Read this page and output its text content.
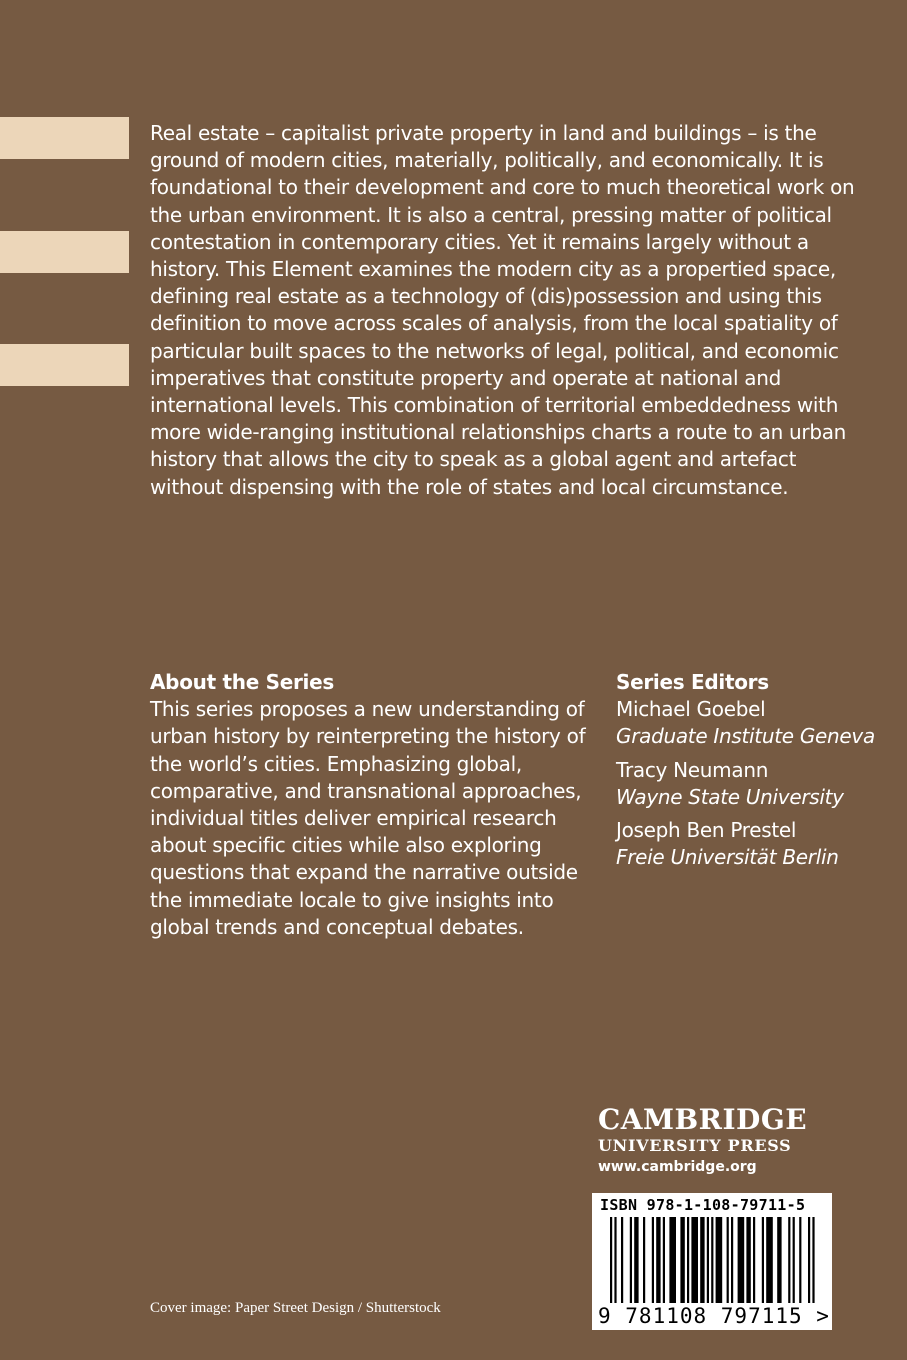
Real estate – capitalist private property in land and buildings – is the ground of modern cities, materially, politically, and economically. It is foundational to their development and core to much theoretical work on the urban environment. It is also a central, pressing matter of political contestation in contemporary cities. Yet it remains largely without a history. This Element examines the modern city as a propertied space, defining real estate as a technology of (dis)possession and using this definition to move across scales of analysis, from the local spatiality of particular built spaces to the networks of legal, political, and economic imperatives that constitute property and operate at national and international levels. This combination of territorial embeddedness with more wide-ranging institutional relationships charts a route to an urban history that allows the city to speak as a global agent and artefact without dispensing with the role of states and local circumstance.

About the Series

This series proposes a new understanding of urban history by reinterpreting the history of the world’s cities. Emphasizing global, comparative, and transnational approaches, individual titles deliver empirical research about specific cities while also exploring questions that expand the narrative outside the immediate locale to give insights into global trends and conceptual debates.

Series Editors
Michael Goebel
Graduate Institute Geneva
Tracy Neumann
Wayne State University
Joseph Ben Prestel
Freie Universität Berlin
CAMBRIDGE
UNIVERSITY PRESS
www.cambridge.org
ISBN 978-1-108-79711-5
9 781108 797115 >
Cover image: Paper Street Design / Shutterstock
